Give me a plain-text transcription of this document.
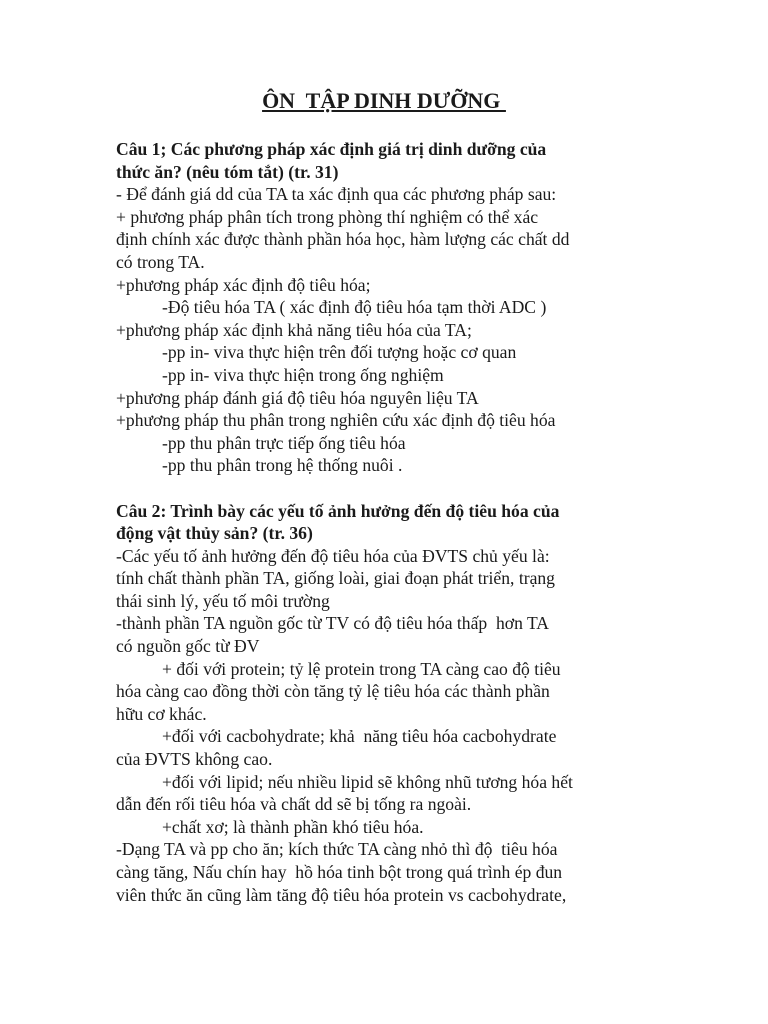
ÔN  TẬP DINH DƯỠNG
Câu 1; Các phương pháp xác định giá trị dinh dưỡng của
thức ăn? (nêu tóm tắt) (tr. 31)
- Để đánh giá dd của TA ta xác định qua các phương pháp sau:
+ phương pháp phân tích trong phòng thí nghiệm có thể xác
định chính xác được thành phần hóa học, hàm lượng các chất dd
có trong TA.
+phương pháp xác định độ tiêu hóa;
-Độ tiêu hóa TA ( xác định độ tiêu hóa tạm thời ADC )
+phương pháp xác định khả năng tiêu hóa của TA;
-pp in- viva thực hiện trên đối tượng hoặc cơ quan
-pp in- viva thực hiện trong ống nghiệm
+phương pháp đánh giá độ tiêu hóa nguyên liệu TA
+phương pháp thu phân trong nghiên cứu xác định độ tiêu hóa
-pp thu phân trực tiếp ống tiêu hóa
-pp thu phân trong hệ thống nuôi .
Câu 2: Trình bày các yếu tố ảnh hưởng đến độ tiêu hóa của
động vật thủy sản? (tr. 36)
-Các yếu tố ảnh hưởng đến độ tiêu hóa của ĐVTS chủ yếu là:
tính chất thành phần TA, giống loài, giai đoạn phát triển, trạng
thái sinh lý, yếu tố môi trường
-thành phần TA nguồn gốc từ TV có độ tiêu hóa thấp  hơn TA
có nguồn gốc từ ĐV
+ đối với protein; tỷ lệ protein trong TA càng cao độ tiêu
hóa càng cao đồng thời còn tăng tỷ lệ tiêu hóa các thành phần
hữu cơ khác.
+đối với cacbohydrate; khả  năng tiêu hóa cacbohydrate
của ĐVTS không cao.
+đối với lipid; nếu nhiều lipid sẽ không nhũ tương hóa hết
dẫn đến rối tiêu hóa và chất dd sẽ bị tống ra ngoài.
+chất xơ; là thành phần khó tiêu hóa.
-Dạng TA và pp cho ăn; kích thức TA càng nhỏ thì độ  tiêu hóa
càng tăng, Nấu chín hay  hồ hóa tinh bột trong quá trình ép đun
viên thức ăn cũng làm tăng độ tiêu hóa protein vs cacbohydrate,
